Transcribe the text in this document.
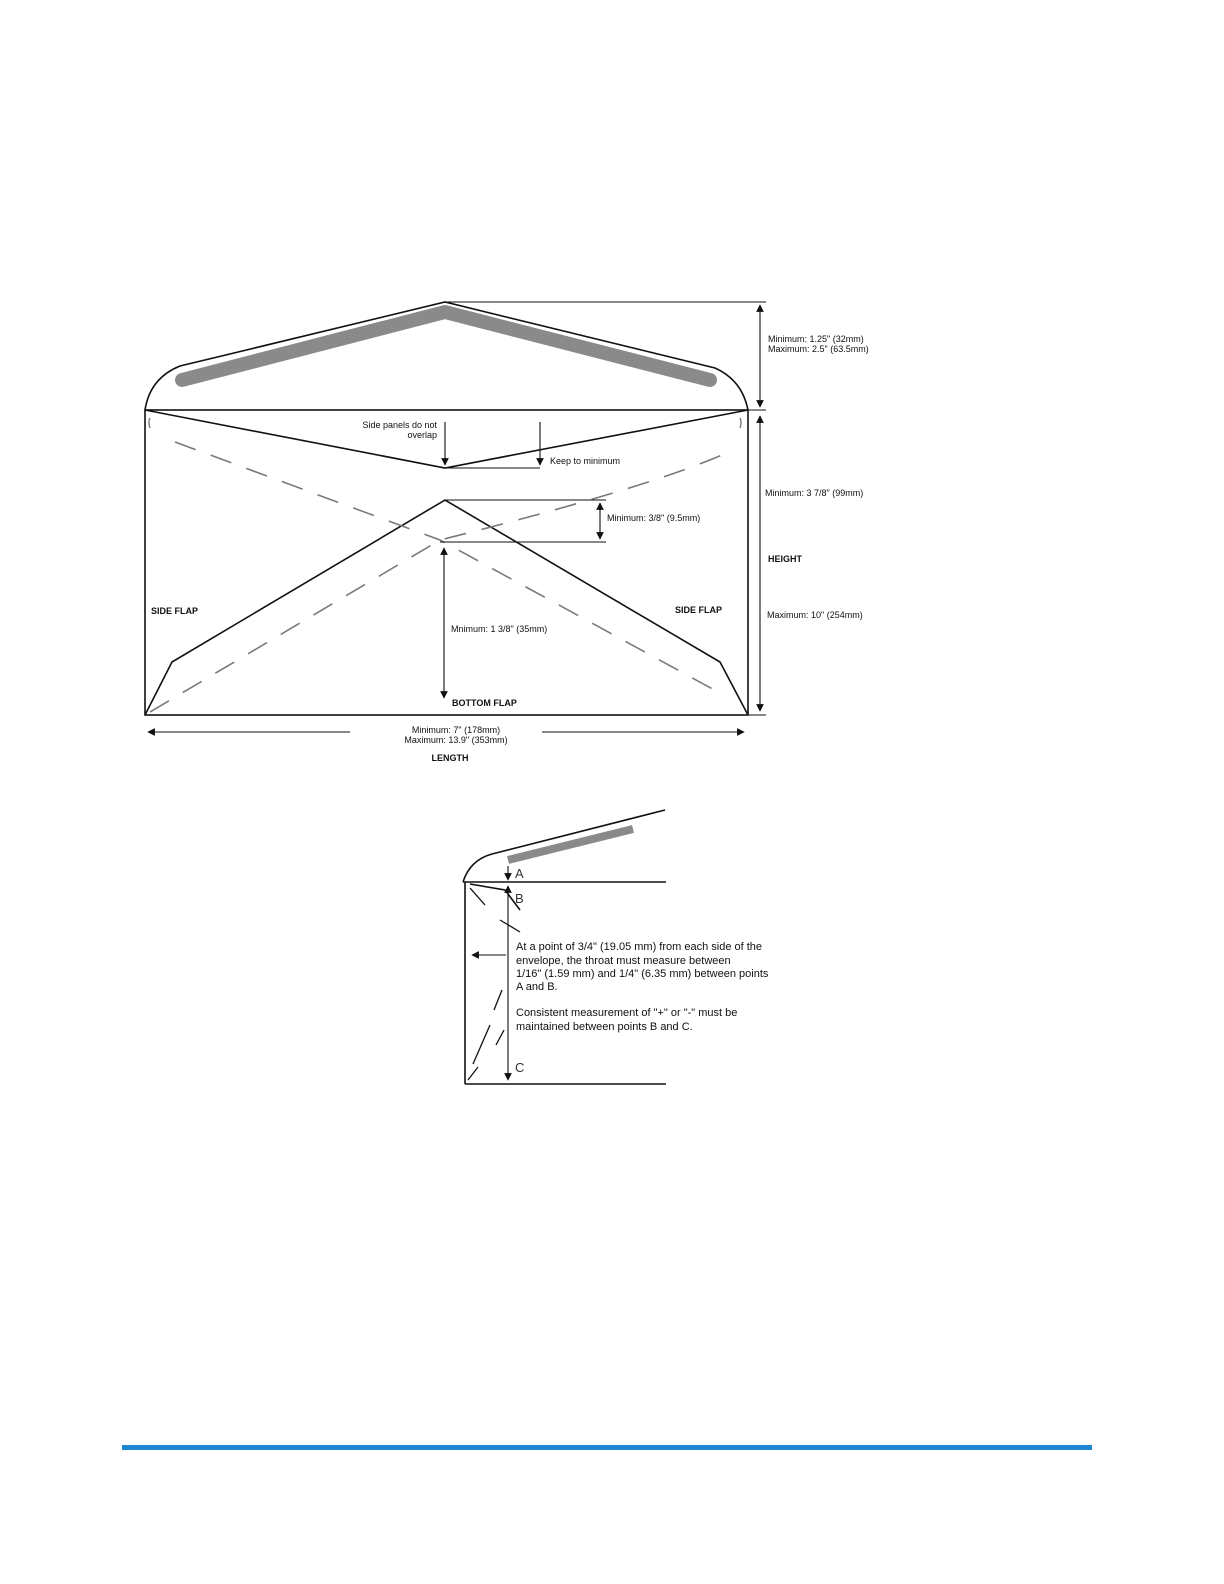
Minimum: 1.25" (32mm)
Maximum: 2.5" (63.5mm)
Side panels do not
overlap
Keep to minimum
Minimum: 3/8" (9.5mm)
Mnimum: 1 3/8" (35mm)
SIDE FLAP	SIDE FLAP
BOTTOM FLAP
Minimum: 3 7/8" (99mm)
HEIGHT
Maximum: 10" (254mm)
Minimum: 7" (178mm)
Maximum: 13.9" (353mm)
LENGTH
A
B
C
At a point of 3/4" (19.05 mm) from each side of the
envelope, the throat must measure between
1/16" (1.59 mm) and 1/4" (6.35 mm) between points
A and B.
Consistent measurement of "+" or "-" must be
maintained between points B and C.
